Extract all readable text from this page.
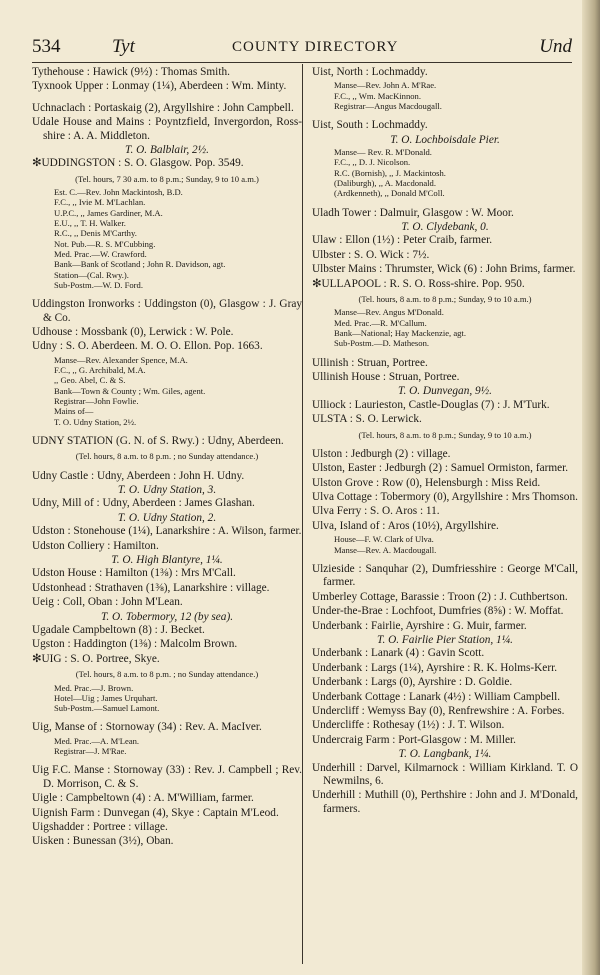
534	Tyt	COUNTY DIRECTORY	Und

Tythehouse : Hawick (9½) : Thomas Smith.

Tyxnook Upper : Lonmay (1¼), Aberdeen : Wm. Minty.

Uchnaclach : Portaskaig (2), Argyllshire : John Campbell.

Udale House and Mains : Poyntzfield, Invergordon, Ross-shire : A. A. Middleton.

T. O. Balblair, 2½.

✻UDDINGSTON : S. O. Glasgow. Pop. 3549.

(Tel. hours, 7 30 a.m. to 8 p.m.; Sunday, 9 to 10 a.m.)

Est. C.—Rev. John Mackintosh, B.D.

F.C., ,, Ivie M. M'Lachlan.

U.P.C., ,, James Gardiner, M.A.

E.U., ,, T. H. Walker.

R.C., ,, Denis M'Carthy.

Not. Pub.—R. S. M'Cubbing.

Med. Prac.—W. Crawford.

Bank—Bank of Scotland ; John R. Davidson, agt.

Station—(Cal. Rwy.).

Sub-Postm.—W. D. Ford.

Uddingston Ironworks : Uddingston (0), Glasgow : J. Gray & Co.

Udhouse : Mossbank (0), Lerwick : W. Pole.

Udny : S. O. Aberdeen. M. O. O. Ellon. Pop. 1663.

Manse—Rev. Alexander Spence, M.A.

F.C., ,, G. Archibald, M.A.

,, Geo. Abel, C. & S.

Bank—Town & County ; Wm. Giles, agent.

Registrar—John Fowlie.

Mains of—

T. O. Udny Station, 2½.

UDNY STATION (G. N. of S. Rwy.) : Udny, Aberdeen.

(Tel. hours, 8 a.m. to 8 p.m. ; no Sunday attendance.)

Udny Castle : Udny, Aberdeen : John H. Udny.

T. O. Udny Station, 3.

Udny, Mill of : Udny, Aberdeen : James Glashan.

T. O. Udny Station, 2.

Udston : Stonehouse (1¼), Lanarkshire : A. Wilson, farmer.

Udston Colliery : Hamilton.

T. O. High Blantyre, 1¼.

Udston House : Hamilton (1⅜) : Mrs M'Call.

Udstonhead : Strathaven (1⅜), Lanarkshire : village.

Ueig : Coll, Oban : John M'Lean.

T. O. Tobermory, 12 (by sea).

Ugadale Campbeltown (8) : J. Becket.

Ugston : Haddington (1⅜) : Malcolm Brown.

✻UIG : S. O. Portree, Skye.

(Tel. hours, 8 a.m. to 8 p.m. ; no Sunday attendance.)

Med. Prac.—J. Brown.

Hotel—Uig ; James Urquhart.

Sub-Postm.—Samuel Lamont.

Uig, Manse of : Stornoway (34) : Rev. A. MacIver.

Med. Prac.—A. M'Lean.

Registrar—J. M'Rae.

Uig F.C. Manse : Stornoway (33) : Rev. J. Campbell ; Rev. D. Morrison, C. & S.

Uigle : Campbeltown (4) : A. M'William, farmer.

Uignish Farm : Dunvegan (4), Skye : Captain M'Leod.

Uigshadder : Portree : village.

Uisken : Bunessan (3½), Oban.

Uist, North : Lochmaddy.

Manse—Rev. John A. M'Rae.

F.C., ,, Wm. MacKinnon.

Registrar—Angus Macdougall.

Uist, South : Lochmaddy.

T. O. Lochboisdale Pier.

Manse— Rev. R. M'Donald.

F.C., ,, D. J. Nicolson.

R.C. (Bornish), ,, J. Mackintosh.

(Daliburgh), ,, A. Macdonald.

(Ardkenneth), ,, Donald M'Coll.

Uladh Tower : Dalmuir, Glasgow : W. Moor.

T. O. Clydebank, 0.

Ulaw : Ellon (1½) : Peter Craib, farmer.

Ulbster : S. O. Wick : 7½.

Ulbster Mains : Thrumster, Wick (6) : John Brims, farmer.

✻ULLAPOOL : R. S. O. Ross-shire. Pop. 950.

(Tel. hours, 8 a.m. to 8 p.m.; Sunday, 9 to 10 a.m.)

Manse—Rev. Angus M'Donald.

Med. Prac.—R. M'Callum.

Bank—National; Hay Mackenzie, agt.

Sub-Postm.—D. Matheson.

Ullinish : Struan, Portree.

Ullinish House : Struan, Portree.

T. O. Dunvegan, 9½.

Ulliock : Laurieston, Castle-Douglas (7) : J. M'Turk.

ULSTA : S. O. Lerwick.

(Tel. hours, 8 a.m. to 8 p.m.; Sunday, 9 to 10 a.m.)

Ulston : Jedburgh (2) : village.

Ulston, Easter : Jedburgh (2) : Samuel Ormiston, farmer.

Ulston Grove : Row (0), Helensburgh : Miss Reid.

Ulva Cottage : Tobermory (0), Argyllshire : Mrs Thomson.

Ulva Ferry : S. O. Aros : 11.

Ulva, Island of : Aros (10½), Argyllshire.

House—F. W. Clark of Ulva.

Manse—Rev. A. Macdougall.

Ulzieside : Sanquhar (2), Dumfriesshire : George M'Call, farmer.

Umberley Cottage, Barassie : Troon (2) : J. Cuthbertson.

Under-the-Brae : Lochfoot, Dumfries (8⅝) : W. Moffat.

Underbank : Fairlie, Ayrshire : G. Muir, farmer.

T. O. Fairlie Pier Station, 1¼.

Underbank : Lanark (4) : Gavin Scott.

Underbank : Largs (1¼), Ayrshire : R. K. Holms-Kerr.

Underbank : Largs (0), Ayrshire : D. Goldie.

Underbank Cottage : Lanark (4½) : William Campbell.

Undercliff : Wemyss Bay (0), Renfrewshire : A. Forbes.

Undercliffe : Rothesay (1½) : J. T. Wilson.

Undercraig Farm : Port-Glasgow : M. Miller.

T. O. Langbank, 1¼.

Underhill : Darvel, Kilmarnock : William Kirkland. T. O Newmilns, 6.

Underhill : Muthill (0), Perthshire : John and J. M'Donald, farmers.
